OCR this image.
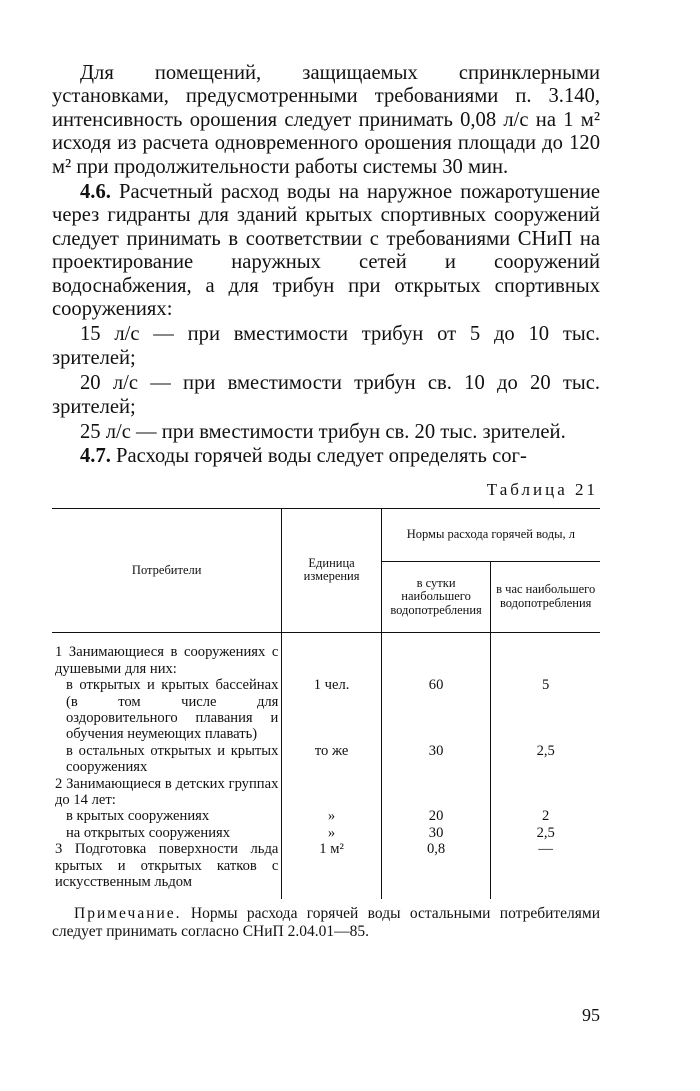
Для помещений, защищаемых спринклерными установками, предусмотренными требованиями п. 3.140, интенсивность орошения следует принимать 0,08 л/с на 1 м² исходя из расчета одновременного орошения площади до 120 м² при продолжительности работы системы 30 мин.

4.6. Расчетный расход воды на наружное пожаротушение через гидранты для зданий крытых спортивных сооружений следует принимать в соответствии с требованиями СНиП на проектирование наружных сетей и сооружений водоснабжения, а для трибун при открытых спортивных сооружениях:

15 л/с — при вместимости трибун от 5 до 10 тыс. зрителей;

20 л/с — при вместимости трибун св. 10 до 20 тыс. зрителей;

25 л/с — при вместимости трибун св. 20 тыс. зрителей.

4.7. Расходы горячей воды следует определять сог-

Таблица 21
Потребители	Единица измерения	Нормы расхода горячей воды, л	
		в сутки наибольшего водопотребления	в час наибольшего водопотребления

1 Занимающиеся в сооружениях с душевыми для них:			
в открытых и крытых бассейнах (в том числе для оздоровительного плавания и обучения неумеющих плавать)	1 чел.	60	5
в остальных открытых и крытых сооружениях	то же	30	2,5
2 Занимающиеся в детских группах до 14 лет:			
в крытых сооружениях	»	20	2
на открытых сооружениях	»	30	2,5
3 Подготовка поверхности льда крытых и открытых катков с искусственным льдом	1 м²	0,8	—

Примечание. Нормы расхода горячей воды остальными потребителями следует принимать согласно СНиП 2.04.01—85.

95
